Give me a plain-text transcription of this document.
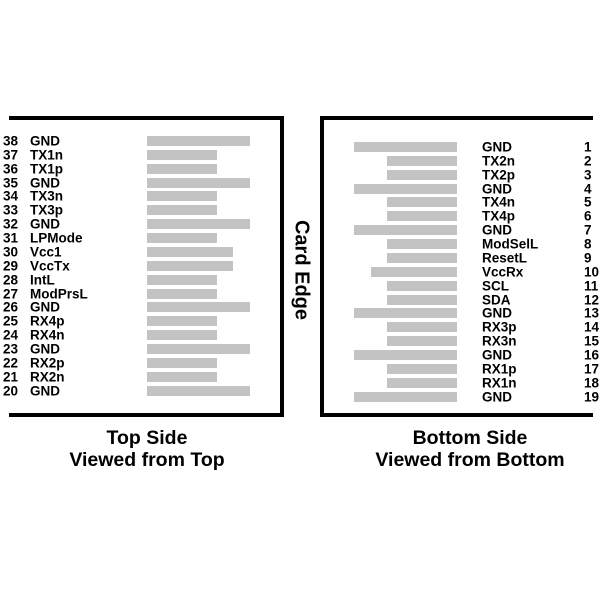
38 GND
37 TX1n
36 TX1p
35 GND
34 TX3n
33 TX3p
32 GND
31 LPMode
30 Vcc1
29 VccTx
28 IntL
27 ModPrsL
26 GND
25 RX4p
24 RX4n
23 GND
22 RX2p
21 RX2n
20 GND
1
GND
2
TX2n
3
TX2p
4
GND
5
TX4n
6
TX4p
7
GND
8
ModSelL
9
ResetL
10
VccRx
11
SCL
12
SDA
13
GND
14
RX3p
15
RX3n
16
GND
17
RX1p
18
RX1n
19
GND
Card Edge
Top Side
Viewed from Top
Bottom Side
Viewed from Bottom
